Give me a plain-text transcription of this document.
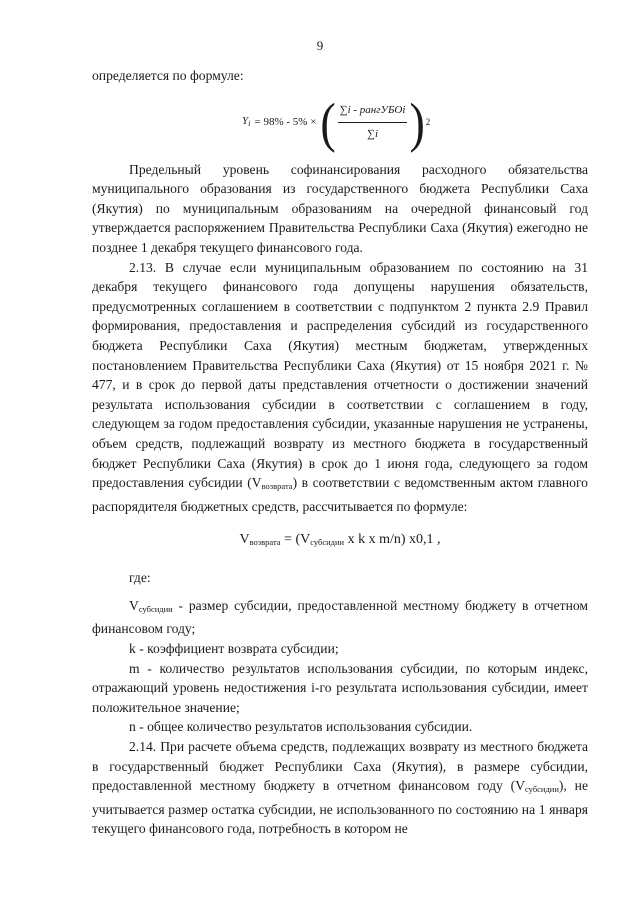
9

определяется по формуле:

$Y_i = 98\% - 5\%$ × ( $\frac{\text{∑i - рангУБОi}}{\sum i}$ ) 2

Предельный уровень софинансирования расходного обязательства муниципального образования из государственного бюджета Республики Саха (Якутия) по муниципальным образованиям на очередной финансовый год утверждается распоряжением Правительства Республики Саха (Якутия) ежегодно не позднее 1 декабря текущего финансового года.

2.13. В случае если муниципальным образованием по состоянию на 31 декабря текущего финансового года допущены нарушения обязательств, предусмотренных соглашением в соответствии с подпунктом 2 пункта 2.9 Правил формирования, предоставления и распределения субсидий из государственного бюджета Республики Саха (Якутия) местным бюджетам, утвержденных постановлением Правительства Республики Саха (Якутия) от 15 ноября 2021 г. № 477, и в срок до первой даты представления отчетности о достижении значений результата использования субсидии в соответствии с соглашением в году, следующем за годом предоставления субсидии, указанные нарушения не устранены, объем средств, подлежащий возврату из местного бюджета в государственный бюджет Республики Саха (Якутия) в срок до 1 июня года, следующего за годом предоставления субсидии $(V_{возврата})$ в соответствии с ведомственным актом главного распорядителя бюджетных средств, рассчитывается по формуле:

$V_{возврата} = (V_{субсидии}$ x k x m/n) x0,1 ,

где:

$V_{субсидии}$ - размер субсидии, предоставленной местному бюджету в отчетном финансовом году;

k - коэффициент возврата субсидии;

m - количество результатов использования субсидии, по которым индекс, отражающий уровень недостижения i-го результата использования субсидии, имеет положительное значение;

n - общее количество результатов использования субсидии.

2.14. При расчете объема средств, подлежащих возврату из местного бюджета в государственный бюджет Республики Саха (Якутия), в размере субсидии, предоставленной местному бюджету в отчетном финансовом году $(V_{субсидии})$, не учитывается размер остатка субсидии, не использованного по состоянию на 1 января текущего финансового года, потребность в котором не
